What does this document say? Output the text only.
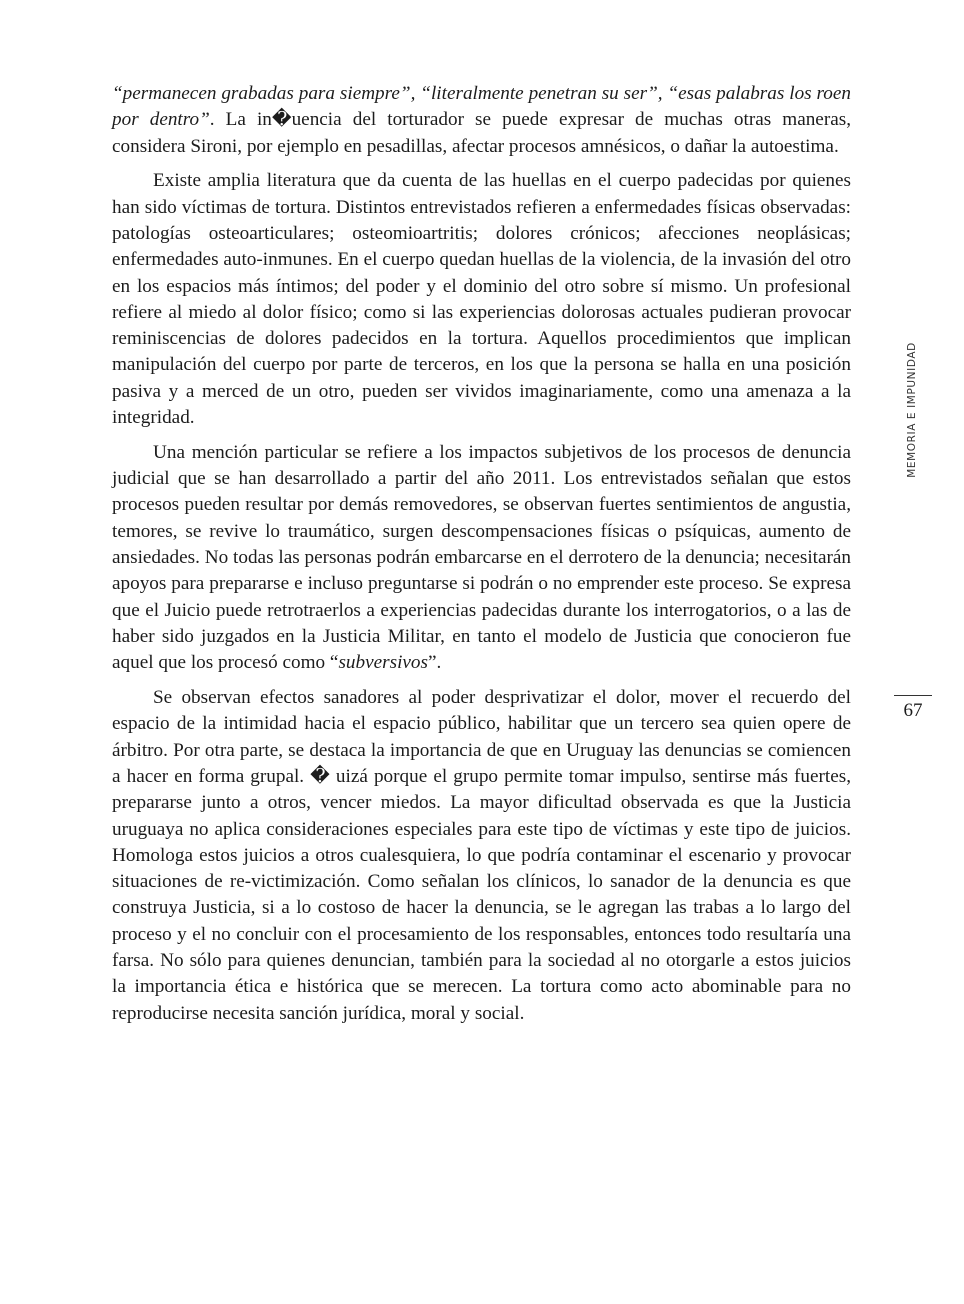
“permanecen grabadas para siempre”, “literalmente penetran su ser”, “esas palabras los roen por dentro”. La in�uencia del torturador se puede expresar de muchas otras maneras, considera Sironi, por ejemplo en pesadillas, afectar procesos amnésicos, o dañar la autoestima.

Existe amplia literatura que da cuenta de las huellas en el cuerpo padecidas por quienes han sido víctimas de tortura. Distintos entrevistados refieren a enfermedades físicas observadas: patologías osteoarticulares; osteomioartritis; dolores crónicos; afecciones neoplásicas; enfermedades auto-inmunes. En el cuerpo quedan huellas de la violencia, de la invasión del otro en los espacios más íntimos; del poder y el dominio del otro sobre sí mismo. Un profesional refiere al miedo al dolor físico; como si las experiencias dolorosas actuales pudieran provocar reminiscencias de dolores padecidos en la tortura. Aquellos procedimientos que implican manipulación del cuerpo por parte de terceros, en los que la persona se halla en una posición pasiva y a merced de un otro, pueden ser vividos imaginariamente, como una amenaza a la integridad.

Una mención particular se refiere a los impactos subjetivos de los procesos de denuncia judicial que se han desarrollado a partir del año 2011. Los entrevistados señalan que estos procesos pueden resultar por demás removedores, se observan fuertes sentimientos de angustia, temores, se revive lo traumático, surgen descompensaciones físicas o psíquicas, aumento de ansiedades. No todas las personas podrán embarcarse en el derrotero de la denuncia; necesitarán apoyos para prepararse e incluso preguntarse si podrán o no emprender este proceso. Se expresa que el Juicio puede retrotraerlos a experiencias padecidas durante los interrogatorios, o a las de haber sido juzgados en la Justicia Militar, en tanto el modelo de Justicia que conocieron fue aquel que los procesó como “subversivos”.

Se observan efectos sanadores al poder desprivatizar el dolor, mover el recuerdo del espacio de la intimidad hacia el espacio público, habilitar que un tercero sea quien opere de árbitro. Por otra parte, se destaca la importancia de que en Uruguay las denuncias se comiencen a hacer en forma grupal. � uizá porque el grupo permite tomar impulso, sentirse más fuertes, prepararse junto a otros, vencer miedos. La mayor dificultad observada es que la Justicia uruguaya no aplica consideraciones especiales para este tipo de víctimas y este tipo de juicios. Homologa estos juicios a otros cualesquiera, lo que podría contaminar el escenario y provocar situaciones de re-victimización. Como señalan los clínicos, lo sanador de la denuncia es que construya Justicia, si a lo costoso de hacer la denuncia, se le agregan las trabas a lo largo del proceso y el no concluir con el procesamiento de los responsables, entonces todo resultaría una farsa. No sólo para quienes denuncian, también para la sociedad al no otorgarle a estos juicios la importancia ética e histórica que se merecen. La tortura como acto abominable para no reproducirse necesita sanción jurídica, moral y social.

MEMORIA E IMPUNIDAD
67
